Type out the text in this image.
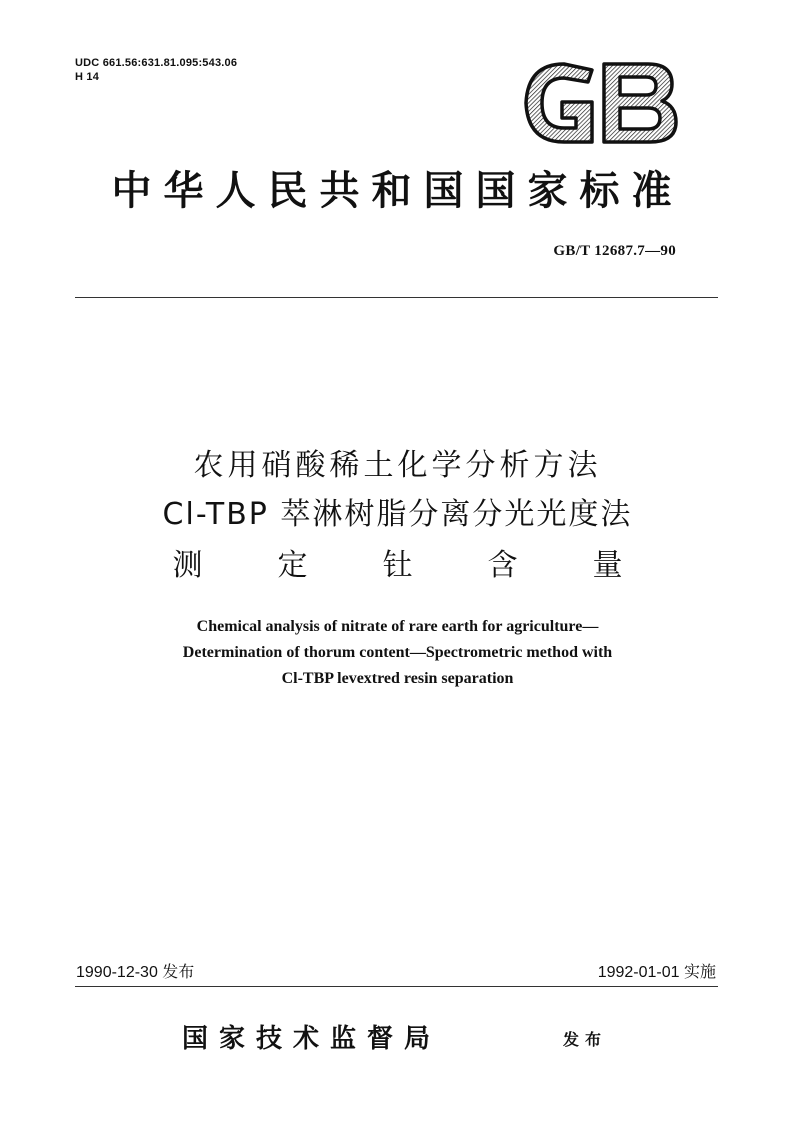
UDC 661.56:631.81.095:543.06
H 14
中华人民共和国国家标准
GB/T 12687.7—90
农用硝酸稀土化学分析方法
Cl-TBP 萃淋树脂分离分光光度法
测	定	钍	含	量
Chemical analysis of nitrate of rare earth for agriculture—
Determination of thorum content—Spectrometric method with
Cl-TBP levextred resin separation
1990-12-30 发布	1992-01-01 实施
国家技术监督局	发布
